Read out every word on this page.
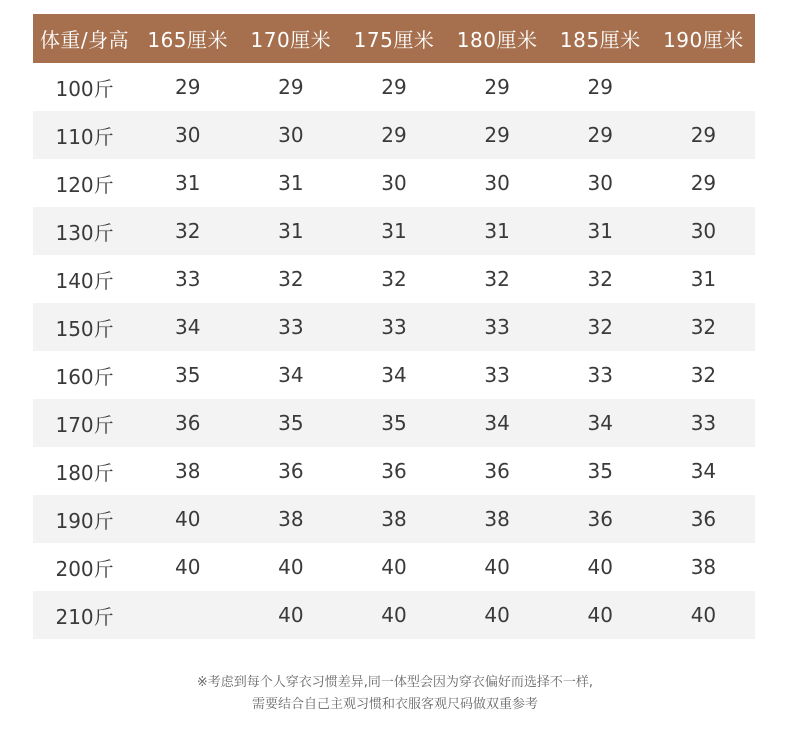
体重/身高	165厘米	170厘米	175厘米	180厘米	185厘米	190厘米
100斤	29	29	29	29	29	
110斤	30	30	29	29	29	29
120斤	31	31	30	30	30	29
130斤	32	31	31	31	31	30
140斤	33	32	32	32	32	31
150斤	34	33	33	33	32	32
160斤	35	34	34	33	33	32
170斤	36	35	35	34	34	33
180斤	38	36	36	36	35	34
190斤	40	38	38	38	36	36
200斤	40	40	40	40	40	38
210斤		40	40	40	40	40
※考虑到每个人穿衣习惯差异,同一体型会因为穿衣偏好而选择不一样,
需要结合自己主观习惯和衣服客观尺码做双重参考
